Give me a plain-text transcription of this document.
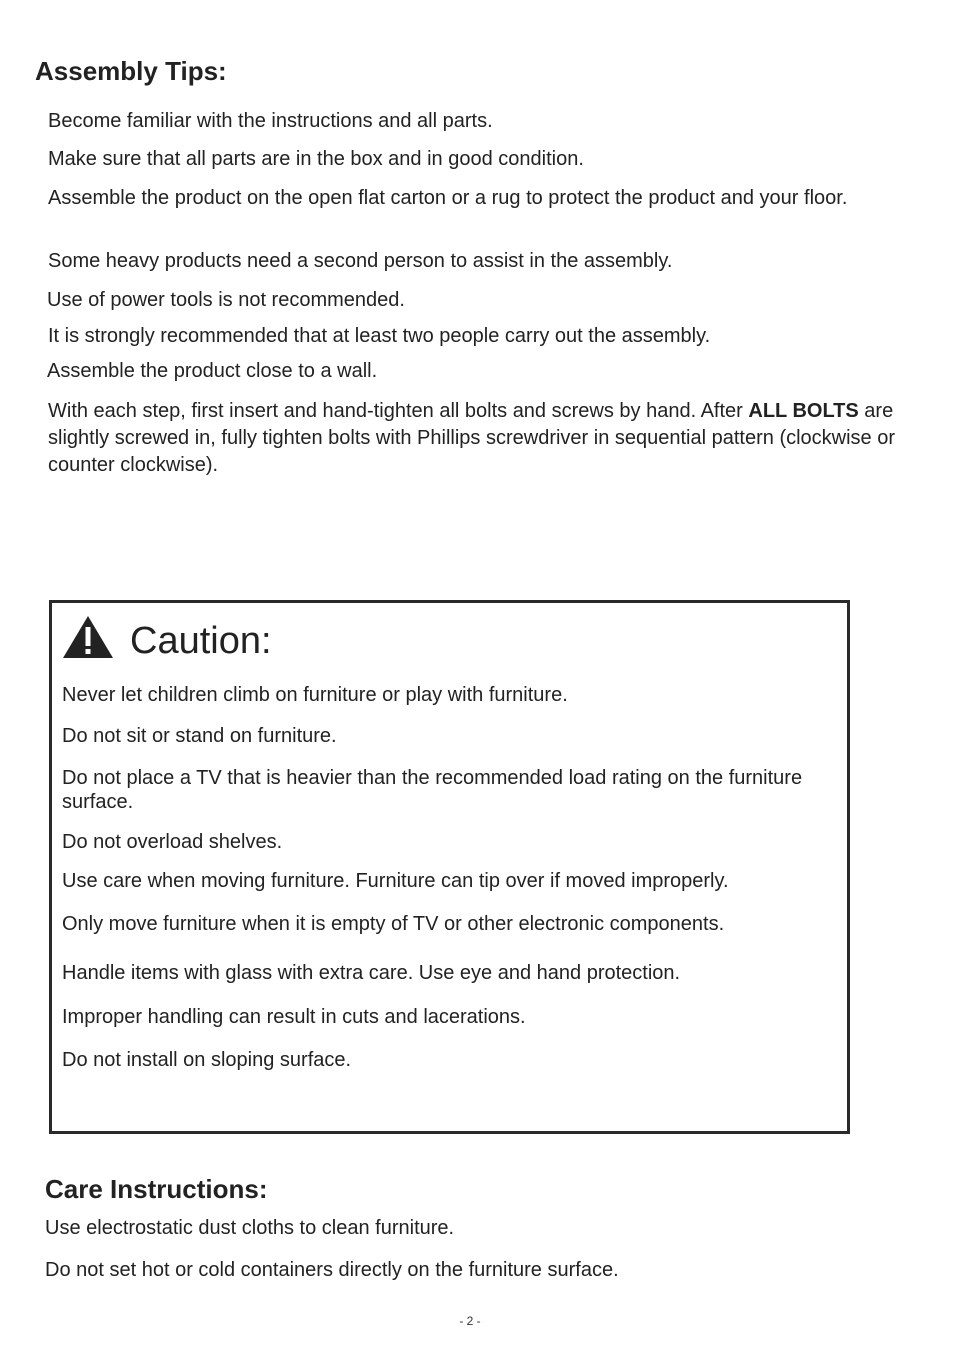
Assembly Tips:
Become familiar with the instructions and all parts.
Make sure that all parts are in the box and in good condition.
Assemble the product on the open flat carton or a rug to protect the product and your floor.
Some heavy products need a second person to assist in the assembly.
Use of power tools is not recommended.
It is strongly recommended that at least two people carry out the assembly.
Assemble the product close to a wall.
With each step, first insert and hand-tighten all bolts and screws by hand. After ALL BOLTS are slightly screwed in, fully tighten bolts with Phillips screwdriver in sequential pattern (clockwise or counter clockwise).
Caution:
Never let children climb on furniture or play with furniture.
Do not sit or stand on furniture.
Do not place a TV that is heavier than the recommended load rating on the furniture surface.
Do not overload shelves.
Use care when moving furniture. Furniture can tip over if moved improperly.
Only move furniture when it is empty of TV or other electronic components.
Handle items with glass with extra care. Use eye and hand protection.
Improper handling can result in cuts and lacerations.
Do not install on sloping surface.
Care Instructions:
Use electrostatic dust cloths to clean furniture.
Do not set hot or cold containers directly on the furniture surface.
- 2 -
